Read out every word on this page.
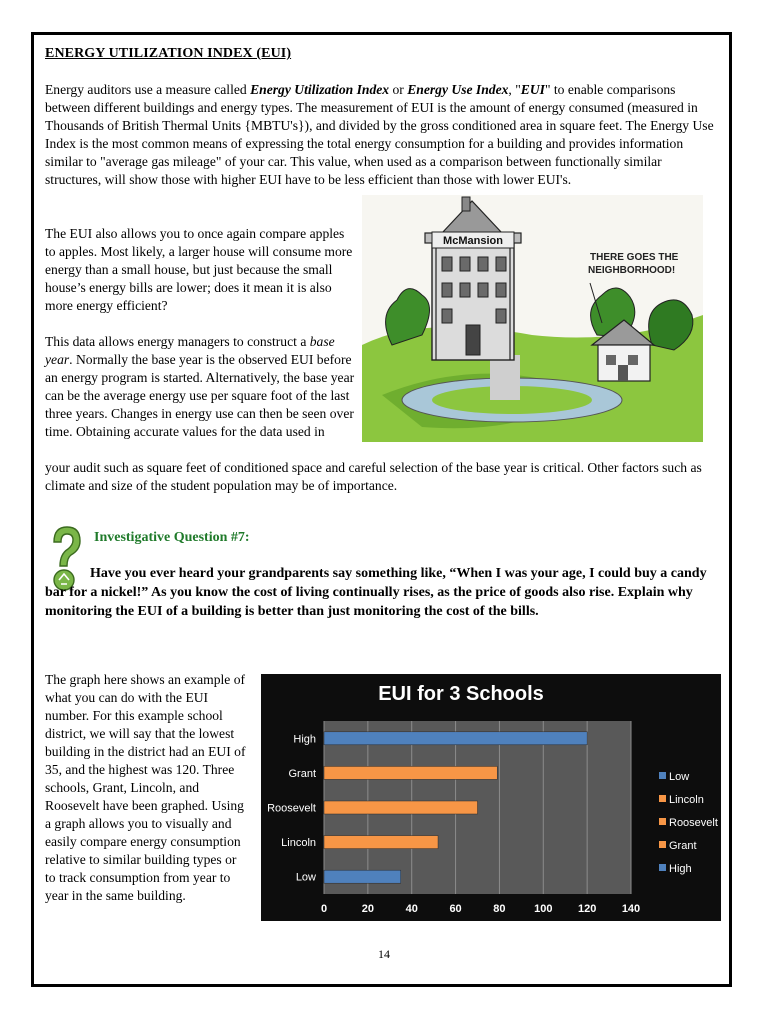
ENERGY UTILIZATION INDEX (EUI)
Energy auditors use a measure called Energy Utilization Index or Energy Use Index, "EUI" to enable comparisons between different buildings and energy types. The measurement of EUI is the amount of energy consumed (measured in Thousands of British Thermal Units {MBTU's}), and divided by the gross conditioned area in square feet. The Energy Use Index is the most common means of expressing the total energy consumption for a building and provides information similar to "average gas mileage" of your car. This value, when used as a comparison between functionally similar structures, will show those with higher EUI have to be less efficient than those with lower EUI's.
The EUI also allows you to once again compare apples to apples. Most likely, a larger house will consume more energy than a small house, but just because the small house’s energy bills are lower; does it mean it is also more energy efficient?
This data allows energy managers to construct a base year. Normally the base year is the observed EUI before an energy program is started. Alternatively, the base year can be the average energy use per square foot of the last three years. Changes in energy use can then be seen over time. Obtaining accurate values for the data used in
your audit such as square feet of conditioned space and careful selection of the base year is critical. Other factors such as climate and size of the student population may be of importance.
McMansion
THERE GOES THE
NEIGHBORHOOD!
Investigative Question #7:
Have you ever heard your grandparents say something like, “When I was your age, I could buy a candy bar for a nickel!” As you know the cost of living continually rises, as the price of goods also rise. Explain why monitoring the EUI of a building is better than just monitoring the cost of the bills.
The graph here shows an example of what you can do with the EUI number. For this example school district, we will say that the lowest building in the district had an EUI of 35, and the highest was 120. Three schools, Grant, Lincoln, and Roosevelt have been graphed. Using a graph allows you to visually and easily compare energy consumption relative to similar building types or to track consumption from year to year in the same building.
EUI for 3 Schools
0	20	40	60	80	100 120 140
High
Grant
Roosevelt
Lincoln
Low
Low
Lincoln
Roosevelt
Grant
High
14
